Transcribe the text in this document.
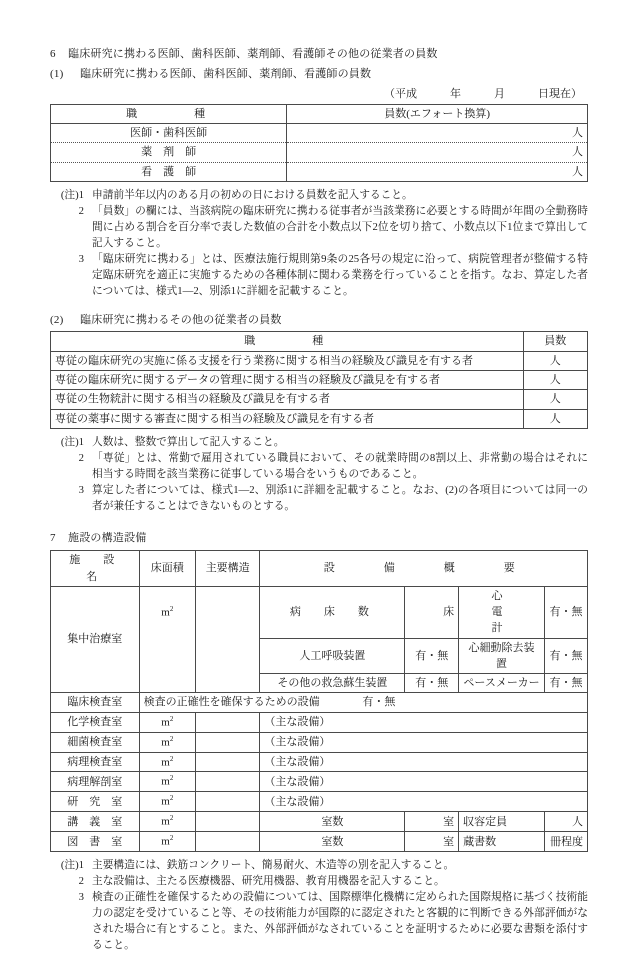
6 臨床研究に携わる医師、歯科医師、薬剤師、看護師その他の従業者の員数
(1) 臨床研究に携わる医師、歯科医師、薬剤師、看護師の員数
（平成　　　年　　　月　　　日現在）
職　　　種	員数(エフォート換算)
医師・歯科医師	人
薬　剤　師	人
看　護　師	人
(注)1 申請前半年以内のある月の初めの日における員数を記入すること。
2 「員数」の欄には、当該病院の臨床研究に携わる従事者が当該業務に必要とする時間が年間の全勤務時間に占める割合を百分率で表した数値の合計を小数点以下2位を切り捨て、小数点以下1位まで算出して記入すること。
3 「臨床研究に携わる」とは、医療法施行規則第9条の25各号の規定に沿って、病院管理者が整備する特定臨床研究を適正に実施するための各種体制に関わる業務を行っていることを指す。なお、算定した者については、様式1—2、別添1に詳細を記載すること。
(2) 臨床研究に携わるその他の従業者の員数
職　　　種	員数
専従の臨床研究の実施に係る支援を行う業務に関する相当の経験及び識見を有する者	人
専従の臨床研究に関するデータの管理に関する相当の経験及び識見を有する者	人
専従の生物統計に関する相当の経験及び識見を有する者	人
専従の薬事に関する審査に関する相当の経験及び識見を有する者	人
(注)1 人数は、整数で算出して記入すること。
2 「専従」とは、常勤で雇用されている職員において、その就業時間の8割以上、非常勤の場合はそれに相当する時間を該当業務に従事している場合をいうものであること。
3 算定した者については、様式1—2、別添1に詳細を記載すること。なお、(2)の各項目については同一の者が兼任することはできないものとする。
7 施設の構造設備
施　設　名	床面積	主要構造	設　　備　　概　　要			
集中治療室	$m^2$		病　床　数	床	心　　電　　計	有・無
			人工呼吸装置	有・無	心細動除去装置	有・無
			その他の救急蘇生装置	有・無	ペースメーカー	有・無
臨床検査室	検査の正確性を確保するための設備 有・無					
化学検査室	$m^2$		（主な設備）			
細菌検査室	$m^2$		（主な設備）			
病理検査室	$m^2$		（主な設備）			
病理解剖室	$m^2$		（主な設備）			
研　究　室	$m^2$		（主な設備）			
講　義　室	$m^2$		室数	室	収容定員	人
図　書　室	$m^2$		室数	室	蔵書数	冊程度
(注)1 主要構造には、鉄筋コンクリート、簡易耐火、木造等の別を記入すること。
2 主な設備は、主たる医療機器、研究用機器、教育用機器を記入すること。
3 検査の正確性を確保するための設備については、国際標準化機構に定められた国際規格に基づく技術能力の認定を受けていること等、その技術能力が国際的に認定されたと客観的に判断できる外部評価がなされた場合に有とすること。また、外部評価がなされていることを証明するために必要な書類を添付すること。
